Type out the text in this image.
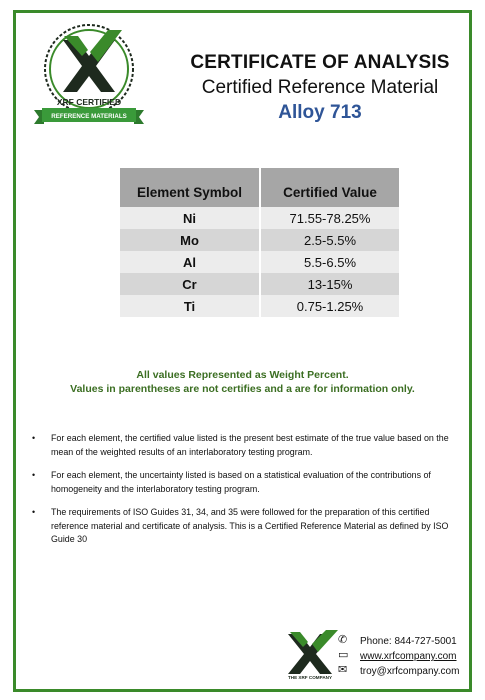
XRF CERTIFIED
REFERENCE MATERIALS
CERTIFICATE OF ANALYSIS
Certified Reference Material
Alloy 713
Element Symbol	Certified Value
Ni	71.55-78.25%
Mo	2.5-5.5%
Al	5.5-6.5%
Cr	13-15%
Ti	0.75-1.25%
All values Represented as Weight Percent.
Values in parentheses are not certifies and a are for information only.
• For each element, the certified value listed is the present best estimate of the true value based on the mean of the weighted results of an interlaboratory testing program.
• For each element, the uncertainty listed is based on a statistical evaluation of the contributions of homogeneity and the interlaboratory testing program.
• The requirements of ISO Guides 31, 34, and 35 were followed for the preparation of this certified reference material and certificate of analysis. This is a Certified Reference Material as defined by ISO Guide 30
THE XRF COMPANY
✆
▭
✉
Phone: 844-727-5001
www.xrfcompany.com
troy@xrfcompany.com
